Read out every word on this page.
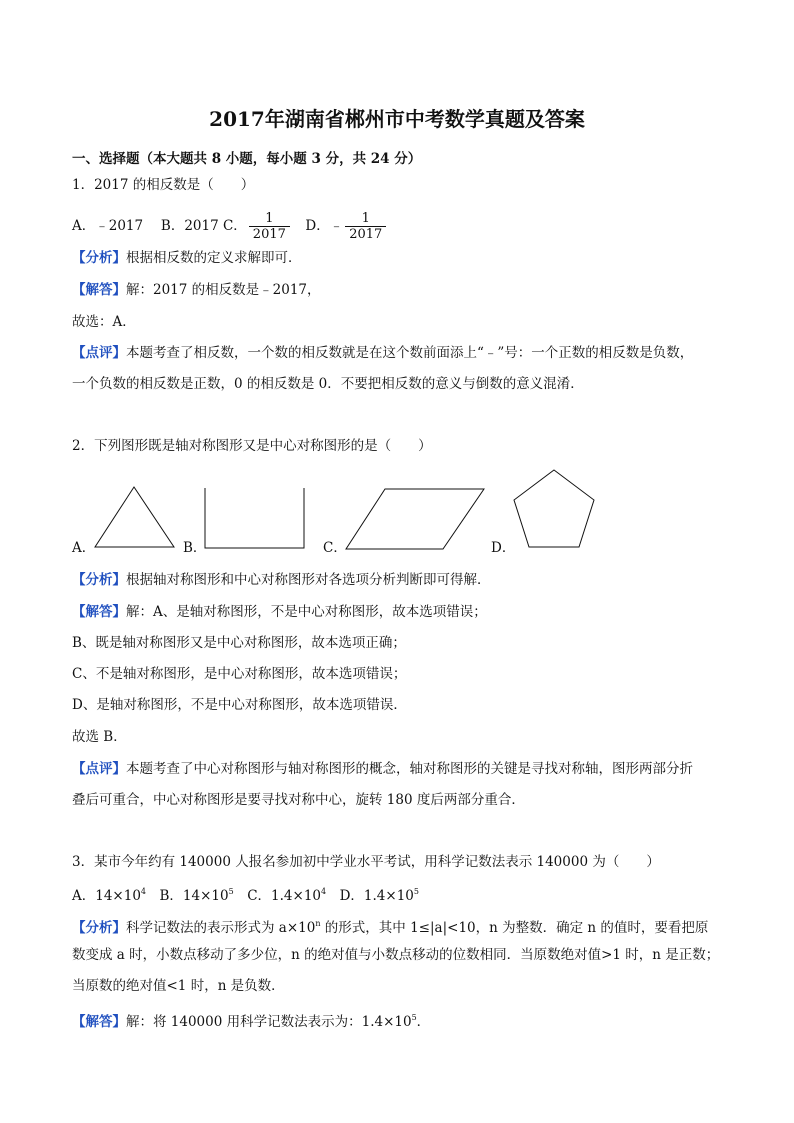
2017年湖南省郴州市中考数学真题及答案
一、选择题（本大题共 8 小题，每小题 3 分，共 24 分）
1．2017 的相反数是（　　）
A．﹣2017　 B．2017 C． $\frac{1}{2017}$ 　D．﹣ $\frac{1}{2017}$
【分析】根据相反数的定义求解即可．
【解答】解：2017 的相反数是﹣2017，
故选：A．
【点评】本题考查了相反数，一个数的相反数就是在这个数前面添上“﹣”号：一个正数的相反数是负数，
一个负数的相反数是正数，0 的相反数是 0．不要把相反数的意义与倒数的意义混淆．
2．下列图形既是轴对称图形又是中心对称图形的是（　　）
A．	B．	C．	D．
【分析】根据轴对称图形和中心对称图形对各选项分析判断即可得解．
【解答】解：A、是轴对称图形，不是中心对称图形，故本选项错误；
B、既是轴对称图形又是中心对称图形，故本选项正确；
C、不是轴对称图形，是中心对称图形，故本选项错误；
D、是轴对称图形，不是中心对称图形，故本选项错误．
故选 B．
【点评】本题考查了中心对称图形与轴对称图形的概念，轴对称图形的关键是寻找对称轴，图形两部分折
叠后可重合，中心对称图形是要寻找对称中心，旋转 180 度后两部分重合．
3．某市今年约有 140000 人报名参加初中学业水平考试，用科学记数法表示 140000 为（　　）
A．$14\times 10^4$　B．$14\times 10^5$　C．$1.4\times 10^4$　D．$1.4\times 10^5$
【分析】科学记数法的表示形式为 $a\times 10^n$ 的形式，其中 1≤|a|<10，n 为整数．确定 n 的值时，要看把原
数变成 a 时，小数点移动了多少位，n 的绝对值与小数点移动的位数相同．当原数绝对值>1 时，n 是正数；
当原数的绝对值<1 时，n 是负数．
【解答】解：将 140000 用科学记数法表示为：$1.4\times 10^5$．
